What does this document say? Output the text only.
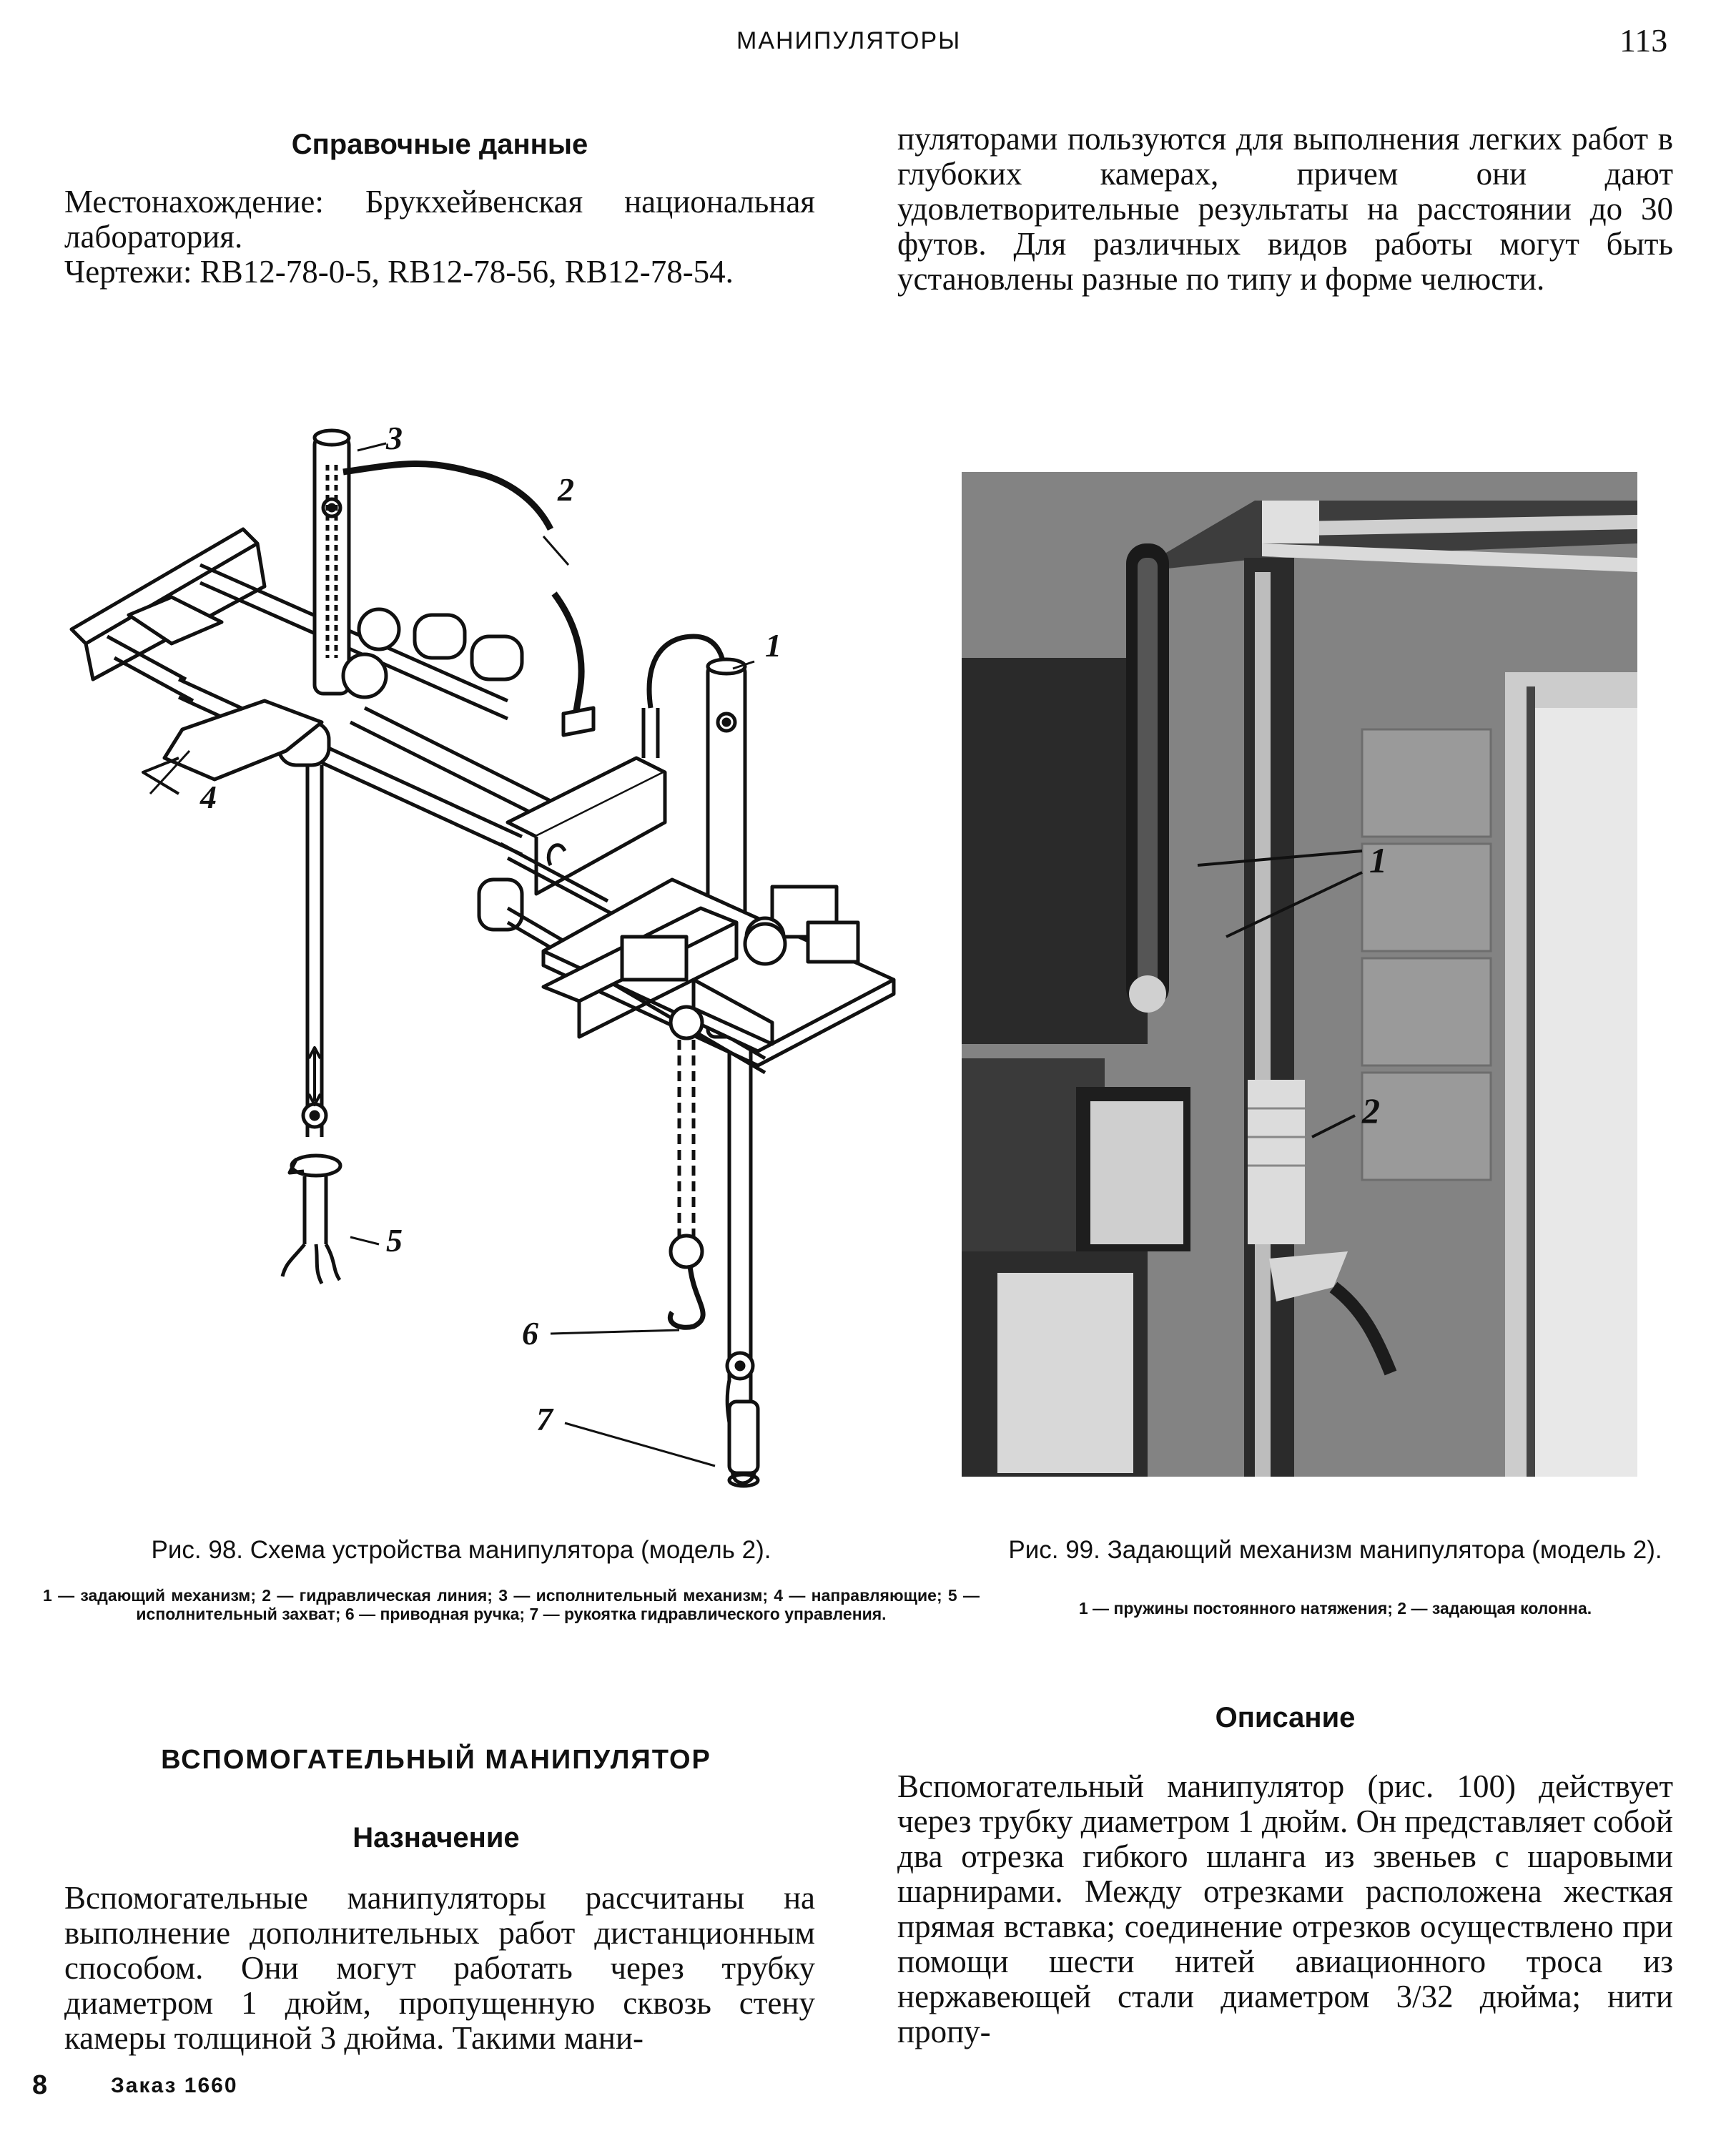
МАНИПУЛЯТОРЫ	113
Справочные данные

Местонахождение: Брукхейвенская национальная лаборатория.

Чертежи: RB12-78-0-5, RB12-78-56, RB12-78-54.

пуляторами пользуются для выполнения легких работ в глубоких камерах, причем они дают удовлетворительные результаты на расстоянии до 30 футов. Для различных видов работы могут быть установлены разные по типу и форме челюсти.

1
2
3
4
5
6
7
1
2
Рис. 98. Схема устройства манипулятора (модель 2).
1 — задающий механизм; 2 — гидравлическая линия; 3 — исполнительный механизм; 4 — направляющие; 5 — исполнительный захват; 6 — приводная ручка; 7 — рукоятка гидравлического управления.
Рис. 99. Задающий механизм манипулятора (модель 2).
1 — пружины постоянного натяжения; 2 — задающая колонна.
ВСПОМОГАТЕЛЬНЫЙ МАНИПУЛЯТОР
Назначение

Вспомогательные манипуляторы рассчитаны на выполнение дополнительных работ дистанционным способом. Они могут работать через трубку диаметром 1 дюйм, пропущенную сквозь стену камеры толщиной 3 дюйма. Такими мани-

Описание

Вспомогательный манипулятор (рис. 100) действует через трубку диаметром 1 дюйм. Он представляет собой два отрезка гибкого шланга из звеньев с шаровыми шарнирами. Между отрезками расположена жесткая прямая вставка; соединение отрезков осуществлено при помощи шести нитей авиационного троса из нержавеющей стали диаметром 3/32 дюйма; нити пропу-

8	Заказ 1660
